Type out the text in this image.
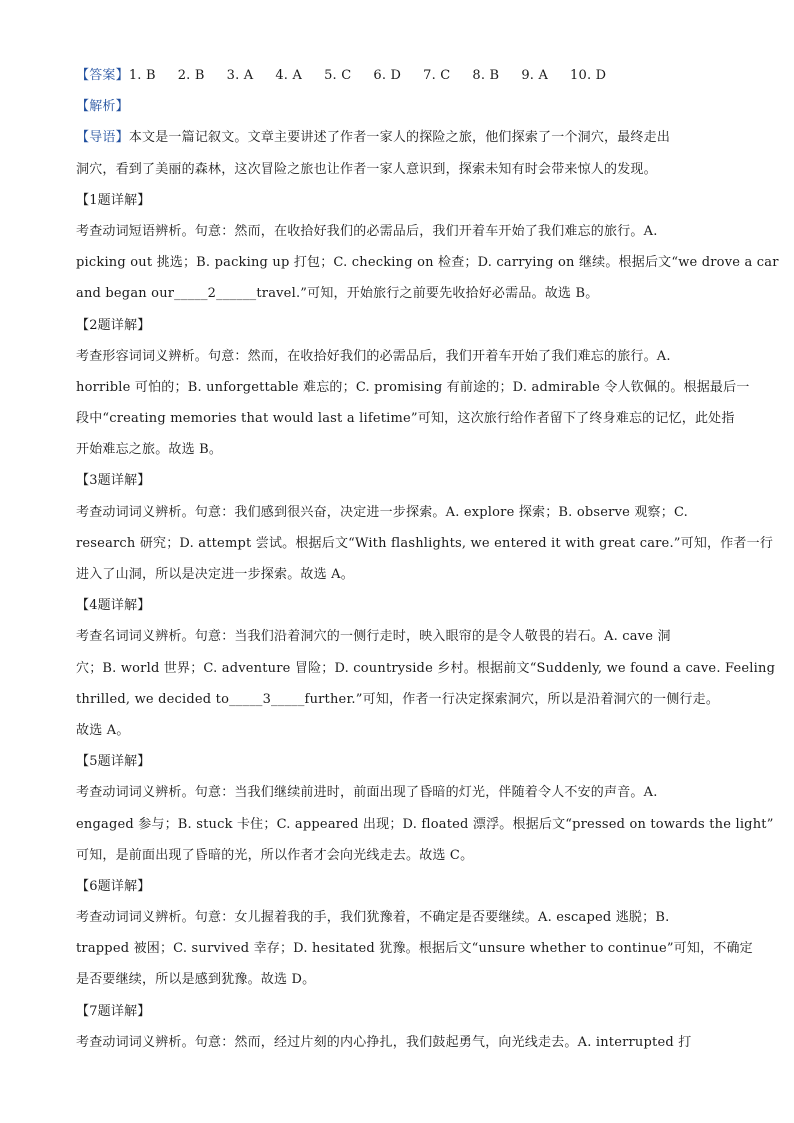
【答案】1. B 2. B 3. A 4. A 5. C 6. D 7. C 8. B 9. A 10. D
【解析】
【导语】本文是一篇记叙文。文章主要讲述了作者一家人的探险之旅，他们探索了一个洞穴，最终走出
洞穴，看到了美丽的森林，这次冒险之旅也让作者一家人意识到，探索未知有时会带来惊人的发现。
【1题详解】
考查动词短语辨析。句意：然而，在收拾好我们的必需品后，我们开着车开始了我们难忘的旅行。A.
picking out 挑选；B. packing up 打包；C. checking on 检查；D. carrying on 继续。根据后文“we drove a car
and began our_____2______travel.”可知，开始旅行之前要先收拾好必需品。故选 B。
【2题详解】
考查形容词词义辨析。句意：然而，在收拾好我们的必需品后，我们开着车开始了我们难忘的旅行。A.
horrible 可怕的；B. unforgettable 难忘的；C. promising 有前途的；D. admirable 令人钦佩的。根据最后一
段中“creating memories that would last a lifetime”可知，这次旅行给作者留下了终身难忘的记忆，此处指
开始难忘之旅。故选 B。
【3题详解】
考查动词词义辨析。句意：我们感到很兴奋，决定进一步探索。A. explore 探索；B. observe 观察；C.
research 研究；D. attempt 尝试。根据后文“With flashlights, we entered it with great care.”可知，作者一行
进入了山洞，所以是决定进一步探索。故选 A。
【4题详解】
考查名词词义辨析。句意：当我们沿着洞穴的一侧行走时，映入眼帘的是令人敬畏的岩石。A. cave 洞
穴；B. world 世界；C. adventure 冒险；D. countryside 乡村。根据前文“Suddenly, we found a cave. Feeling
thrilled, we decided to_____3_____further.”可知，作者一行决定探索洞穴，所以是沿着洞穴的一侧行走。
故选 A。
【5题详解】
考查动词词义辨析。句意：当我们继续前进时，前面出现了昏暗的灯光，伴随着令人不安的声音。A.
engaged 参与；B. stuck 卡住；C. appeared 出现；D. floated 漂浮。根据后文“pressed on towards the light”
可知，是前面出现了昏暗的光，所以作者才会向光线走去。故选 C。
【6题详解】
考查动词词义辨析。句意：女儿握着我的手，我们犹豫着，不确定是否要继续。A. escaped 逃脱；B.
trapped 被困；C. survived 幸存；D. hesitated 犹豫。根据后文“unsure whether to continue”可知，不确定
是否要继续，所以是感到犹豫。故选 D。
【7题详解】
考查动词词义辨析。句意：然而，经过片刻的内心挣扎，我们鼓起勇气，向光线走去。A. interrupted 打
